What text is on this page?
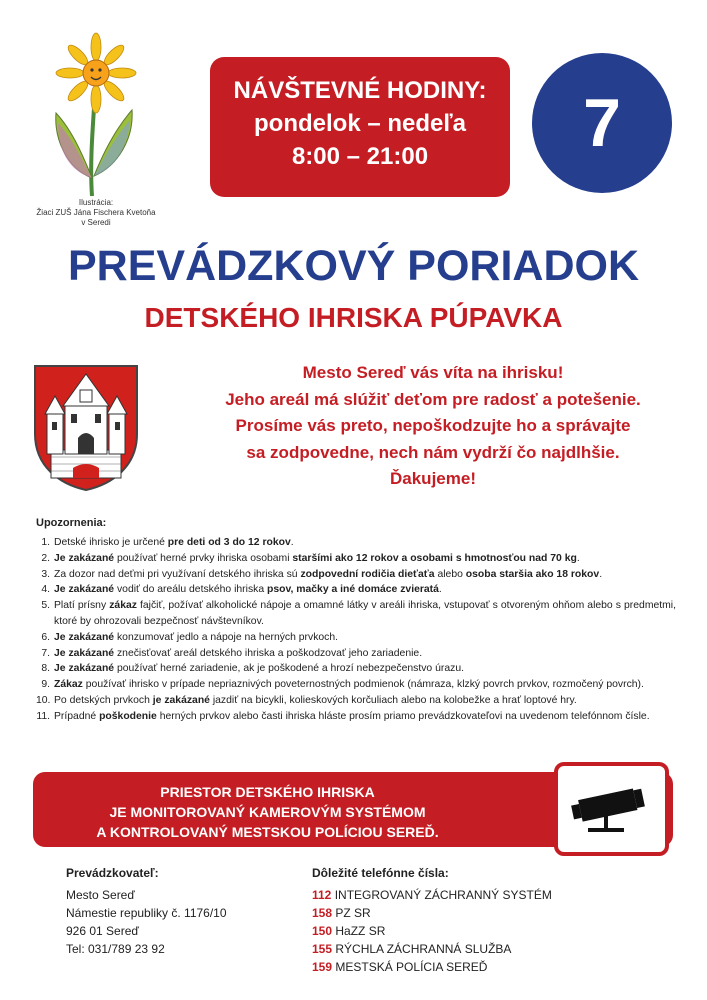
Ilustrácia:
Žiaci ZUŠ Jána Fischera Kvetoňa
v Seredi
NÁVŠTEVNÉ HODINY:
pondelok – nedeľa
8:00 – 21:00	7
PREVÁDZKOVÝ PORIADOK
DETSKÉHO IHRISKA PÚPAVKA
Mesto Sereď vás víta na ihrisku!
Jeho areál má slúžiť deťom pre radosť a potešenie.
Prosíme vás preto, nepoškodzujte ho a správajte
sa zodpovedne, nech nám vydrží čo najdlhšie.
Ďakujeme!
Upozornenia:
1. Detské ihrisko je určené pre deti od 3 do 12 rokov.
2. Je zakázané používať herné prvky ihriska osobami staršími ako 12 rokov a osobami s hmotnosťou nad 70 kg.
3. Za dozor nad deťmi pri využívaní detského ihriska sú zodpovední rodičia dieťaťa alebo osoba staršia ako 18 rokov.
4. Je zakázané vodiť do areálu detského ihriska psov, mačky a iné domáce zvieratá.
5. Platí prísny zákaz fajčiť, požívať alkoholické nápoje a omamné látky v areáli ihriska, vstupovať s otvoreným ohňom alebo s predmetmi, ktoré by ohrozovali bezpečnosť návštevníkov.
6. Je zakázané konzumovať jedlo a nápoje na herných prvkoch.
7. Je zakázané znečisťovať areál detského ihriska a poškodzovať jeho zariadenie.
8. Je zakázané používať herné zariadenie, ak je poškodené a hrozí nebezpečenstvo úrazu.
9. Zákaz používať ihrisko v prípade nepriaznivých poveternostných podmienok (námraza, klzký povrch prvkov, rozmočený povrch).
10. Po detských prvkoch je zakázané jazdiť na bicykli, kolieskových korčuliach alebo na kolobežke a hrať loptové hry.
11. Prípadné poškodenie herných prvkov alebo časti ihriska hláste prosím priamo prevádzkovateľovi na uvedenom telefónnom čísle.
PRIESTOR DETSKÉHO IHRISKA
JE MONITOROVANÝ KAMEROVÝM SYSTÉMOM
A KONTROLOVANÝ MESTSKOU POLÍCIOU SEREĎ.
Prevádzkovateľ:
Mesto Sereď
Námestie republiky č. 1176/10
926 01 Sereď
Tel: 031/789 23 92
Dôležité telefónne čísla:
112 INTEGROVANÝ ZÁCHRANNÝ SYSTÉM
158 PZ SR
150 HaZZ SR
155 RÝCHLA ZÁCHRANNÁ SLUŽBA
159 MESTSKÁ POLÍCIA SEREĎ
